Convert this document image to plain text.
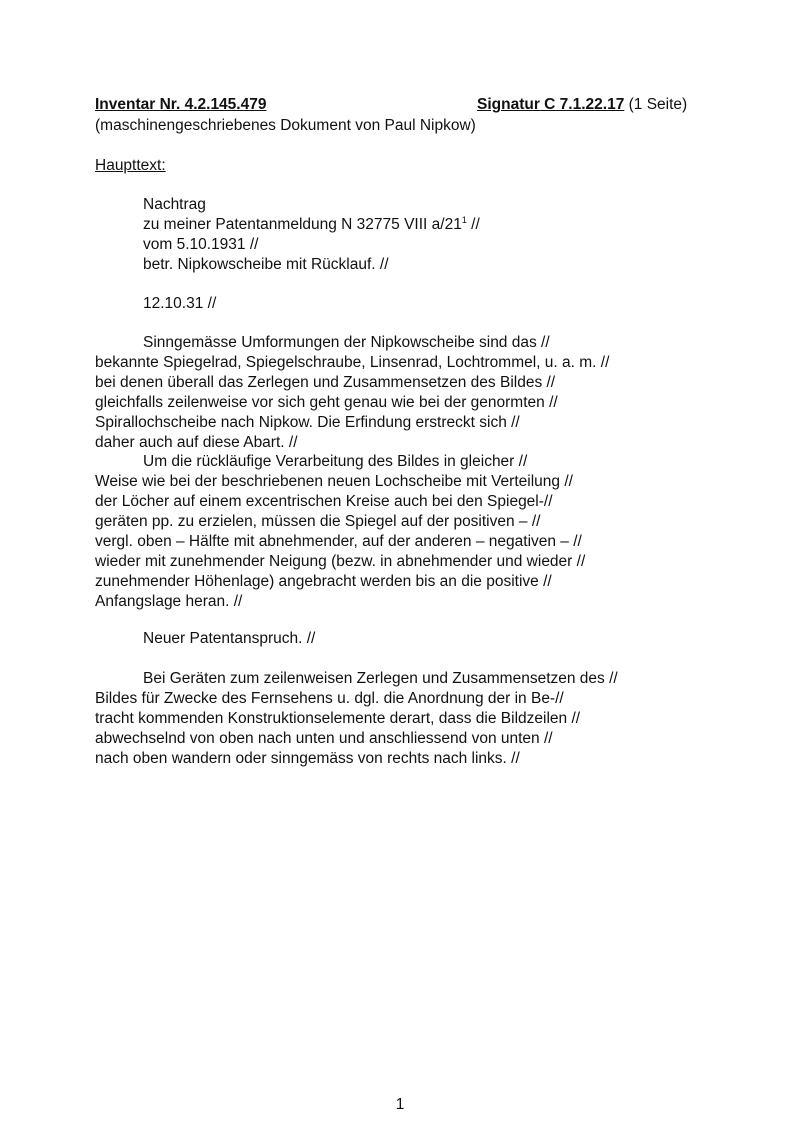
Inventar Nr. 4.2.145.479	Signatur C 7.1.22.17 (1 Seite)
(maschinengeschriebenes Dokument von Paul Nipkow)
Haupttext:
Nachtrag
zu meiner Patentanmeldung N 32775 VIII $a/21^1$ //
vom 5.10.1931 //
betr. Nipkowscheibe mit Rücklauf. //
12.10.31 //
Sinngemässe Umformungen der Nipkowscheibe sind das //
bekannte Spiegelrad, Spiegelschraube, Linsenrad, Lochtrommel, u. a. m. //
bei denen überall das Zerlegen und Zusammensetzen des Bildes //
gleichfalls zeilenweise vor sich geht genau wie bei der genormten //
Spirallochscheibe nach Nipkow. Die Erfindung erstreckt sich //
daher auch auf diese Abart. //
Um die rückläufige Verarbeitung des Bildes in gleicher //
Weise wie bei der beschriebenen neuen Lochscheibe mit Verteilung //
der Löcher auf einem excentrischen Kreise auch bei den Spiegel-//
geräten pp. zu erzielen, müssen die Spiegel auf der positiven – //
vergl. oben – Hälfte mit abnehmender, auf der anderen – negativen – //
wieder mit zunehmender Neigung (bezw. in abnehmender und wieder //
zunehmender Höhenlage) angebracht werden bis an die positive //
Anfangslage heran. //
Neuer Patentanspruch. //
Bei Geräten zum zeilenweisen Zerlegen und Zusammensetzen des //
Bildes für Zwecke des Fernsehens u. dgl. die Anordnung der in Be-//
tracht kommenden Konstruktionselemente derart, dass die Bildzeilen //
abwechselnd von oben nach unten und anschliessend von unten //
nach oben wandern oder sinngemäss von rechts nach links. //
1
